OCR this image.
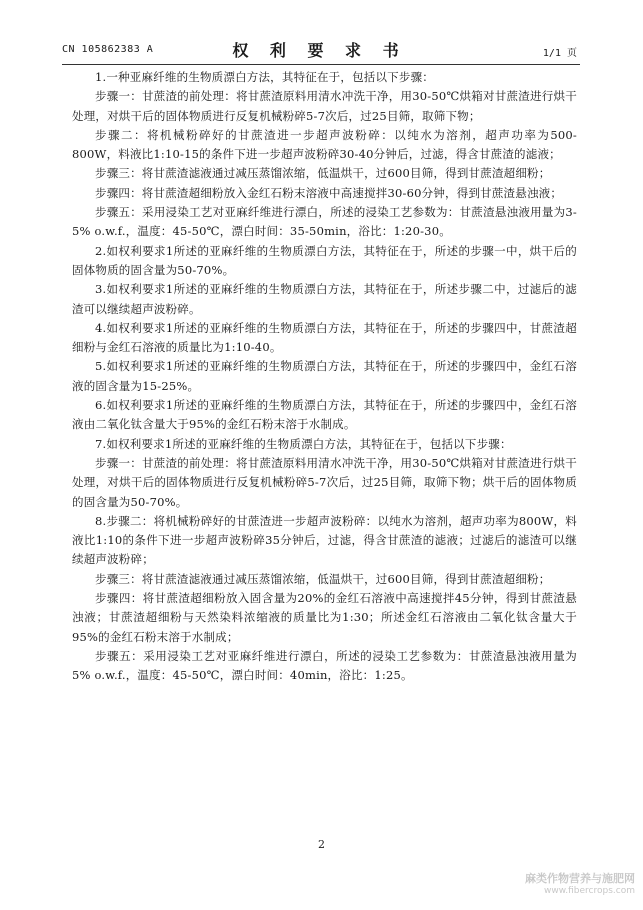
CN 105862383 A	权 利 要 求 书	1/1 页

1.一种亚麻纤维的生物质漂白方法，其特征在于，包括以下步骤：

步骤一：甘蔗渣的前处理：将甘蔗渣原料用清水冲洗干净，用30-50℃烘箱对甘蔗渣进行烘干处理，对烘干后的固体物质进行反复机械粉碎5-7次后，过25目筛，取筛下物；

步骤二：将机械粉碎好的甘蔗渣进一步超声波粉碎：以纯水为溶剂，超声功率为500-800W，料液比1:10-15的条件下进一步超声波粉碎30-40分钟后，过滤，得含甘蔗渣的滤液；

步骤三：将甘蔗渣滤液通过减压蒸馏浓缩，低温烘干，过600目筛，得到甘蔗渣超细粉；

步骤四：将甘蔗渣超细粉放入金红石粉末溶液中高速搅拌30-60分钟，得到甘蔗渣悬浊液；

步骤五：采用浸染工艺对亚麻纤维进行漂白，所述的浸染工艺参数为：甘蔗渣悬浊液用量为3-5% o.w.f.，温度：45-50℃，漂白时间：35-50min，浴比：1:20-30。

2.如权利要求1所述的亚麻纤维的生物质漂白方法，其特征在于，所述的步骤一中，烘干后的固体物质的固含量为50-70%。

3.如权利要求1所述的亚麻纤维的生物质漂白方法，其特征在于，所述步骤二中，过滤后的滤渣可以继续超声波粉碎。

4.如权利要求1所述的亚麻纤维的生物质漂白方法，其特征在于，所述的步骤四中，甘蔗渣超细粉与金红石溶液的质量比为1:10-40。

5.如权利要求1所述的亚麻纤维的生物质漂白方法，其特征在于，所述的步骤四中，金红石溶液的固含量为15-25%。

6.如权利要求1所述的亚麻纤维的生物质漂白方法，其特征在于，所述的步骤四中，金红石溶液由二氧化钛含量大于95%的金红石粉末溶于水制成。

7.如权利要求1所述的亚麻纤维的生物质漂白方法，其特征在于，包括以下步骤：

步骤一：甘蔗渣的前处理：将甘蔗渣原料用清水冲洗干净，用30-50℃烘箱对甘蔗渣进行烘干处理，对烘干后的固体物质进行反复机械粉碎5-7次后，过25目筛，取筛下物；烘干后的固体物质的固含量为50-70%。

8.步骤二：将机械粉碎好的甘蔗渣进一步超声波粉碎：以纯水为溶剂，超声功率为800W，料液比1:10的条件下进一步超声波粉碎35分钟后，过滤，得含甘蔗渣的滤液；过滤后的滤渣可以继续超声波粉碎；

步骤三：将甘蔗渣滤液通过减压蒸馏浓缩，低温烘干，过600目筛，得到甘蔗渣超细粉；

步骤四：将甘蔗渣超细粉放入固含量为20%的金红石溶液中高速搅拌45分钟，得到甘蔗渣悬浊液；甘蔗渣超细粉与天然染料浓缩液的质量比为1:30；所述金红石溶液由二氧化钛含量大于95%的金红石粉末溶于水制成；

步骤五：采用浸染工艺对亚麻纤维进行漂白，所述的浸染工艺参数为：甘蔗渣悬浊液用量为5% o.w.f.，温度：45-50℃，漂白时间：40min，浴比：1:25。

2
麻类作物营养与施肥网
www.fibercrops.com
